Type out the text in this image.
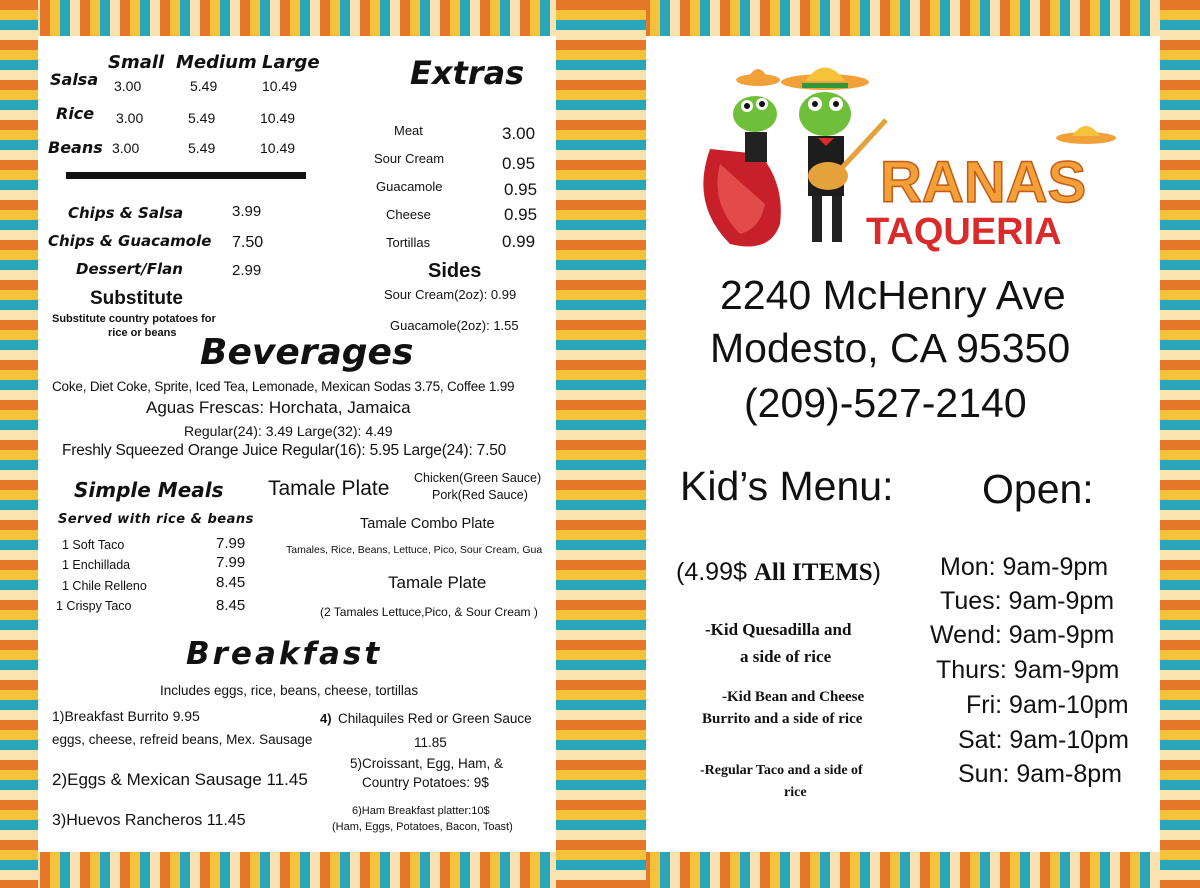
Small Medium Large
Salsa 3.00	5.49	10.49
Rice 3.00	5.49	10.49
Beans 3.00	5.49	10.49
Chips & Salsa	3.99
Chips & Guacamole 7.50
Dessert/Flan	2.99
Substitute
Substitute country potatoes for
rice or beans
Extras
Meat	3.00
Sour Cream	0.95
Guacamole	0.95
Cheese	0.95
Tortillas	0.99
Sides
Sour Cream(2oz): 0.99
Guacamole(2oz): 1.55
Beverages
Coke, Diet Coke, Sprite, Iced Tea, Lemonade, Mexican Sodas 3.75, Coffee 1.99
Aguas Frescas: Horchata, Jamaica
Regular(24): 3.49 Large(32): 4.49
Freshly Squeezed Orange Juice Regular(16): 5.95 Large(24): 7.50
Simple Meals
Served with rice & beans
1 Soft Taco	7.99
1 Enchillada	7.99
1 Chile Relleno	8.45
1 Crispy Taco	8.45
Tamale Plate Chicken(Green Sauce)
Pork(Red Sauce)
Tamale Combo Plate
Tamales, Rice, Beans, Lettuce, Pico, Sour Cream, Gua
Tamale Plate
(2 Tamales Lettuce,Pico, & Sour Cream )
Breakfast
Includes eggs, rice, beans, cheese, tortillas
1)Breakfast Burrito 9.95
eggs, cheese, refreid beans, Mex. Sausage
2)Eggs & Mexican Sausage 11.45
3)Huevos Rancheros 11.45
4) Chilaquiles Red or Green Sauce
11.85
5)Croissant, Egg, Ham, &
Country Potatoes: 9$
6)Ham Breakfast platter:10$
(Ham, Eggs, Potatoes, Bacon, Toast)
RANAS
TAQUERIA
2240 McHenry Ave
Modesto, CA 95350
(209)-527-2140
Kid’s Menu:
(4.99$ All ITEMS)
-Kid Quesadilla and
a side of rice
-Kid Bean and Cheese
Burrito and a side of rice
-Regular Taco and a side of
rice
Open:
Mon: 9am-9pm
Tues: 9am-9pm
Wend: 9am-9pm
Thurs: 9am-9pm
Fri: 9am-10pm
Sat: 9am-10pm
Sun: 9am-8pm
